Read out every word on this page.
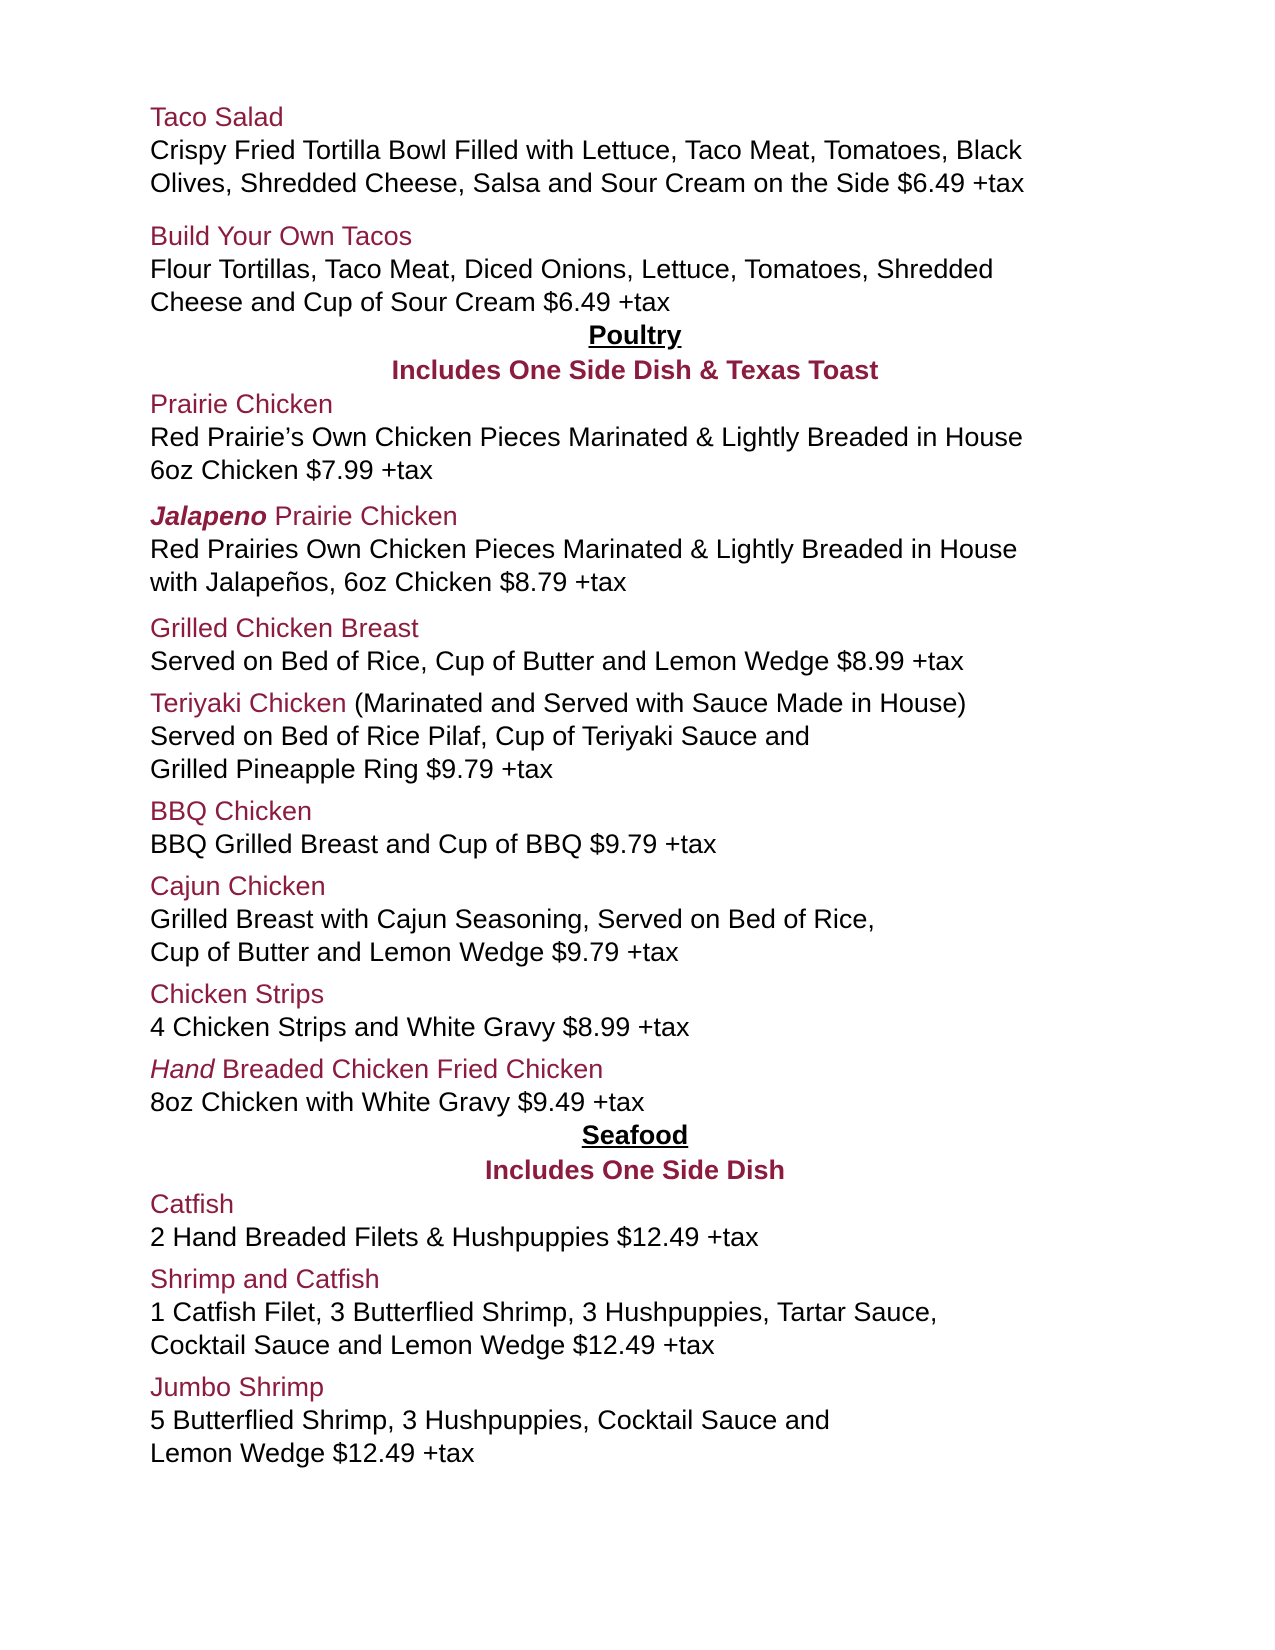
Taco Salad
Crispy Fried Tortilla Bowl Filled with Lettuce, Taco Meat, Tomatoes, Black
Olives, Shredded Cheese, Salsa and Sour Cream on the Side $6.49 +tax
Build Your Own Tacos
Flour Tortillas, Taco Meat, Diced Onions, Lettuce, Tomatoes, Shredded
Cheese and Cup of Sour Cream $6.49 +tax
Poultry
Includes One Side Dish & Texas Toast
Prairie Chicken
Red Prairie’s Own Chicken Pieces Marinated & Lightly Breaded in House
6oz Chicken $7.99 +tax
Jalapeno Prairie Chicken
Red Prairies Own Chicken Pieces Marinated & Lightly Breaded in House
with Jalapeños, 6oz Chicken $8.79 +tax
Grilled Chicken Breast
Served on Bed of Rice, Cup of Butter and Lemon Wedge $8.99 +tax
Teriyaki Chicken (Marinated and Served with Sauce Made in House)
Served on Bed of Rice Pilaf, Cup of Teriyaki Sauce and
Grilled Pineapple Ring $9.79 +tax
BBQ Chicken
BBQ Grilled Breast and Cup of BBQ $9.79 +tax
Cajun Chicken
Grilled Breast with Cajun Seasoning, Served on Bed of Rice,
Cup of Butter and Lemon Wedge $9.79 +tax
Chicken Strips
4 Chicken Strips and White Gravy $8.99 +tax
Hand Breaded Chicken Fried Chicken
8oz Chicken with White Gravy $9.49 +tax
Seafood
Includes One Side Dish
Catfish
2 Hand Breaded Filets & Hushpuppies $12.49 +tax
Shrimp and Catfish
1 Catfish Filet, 3 Butterflied Shrimp, 3 Hushpuppies, Tartar Sauce,
Cocktail Sauce and Lemon Wedge $12.49 +tax
Jumbo Shrimp
5 Butterflied Shrimp, 3 Hushpuppies, Cocktail Sauce and
Lemon Wedge $12.49 +tax
